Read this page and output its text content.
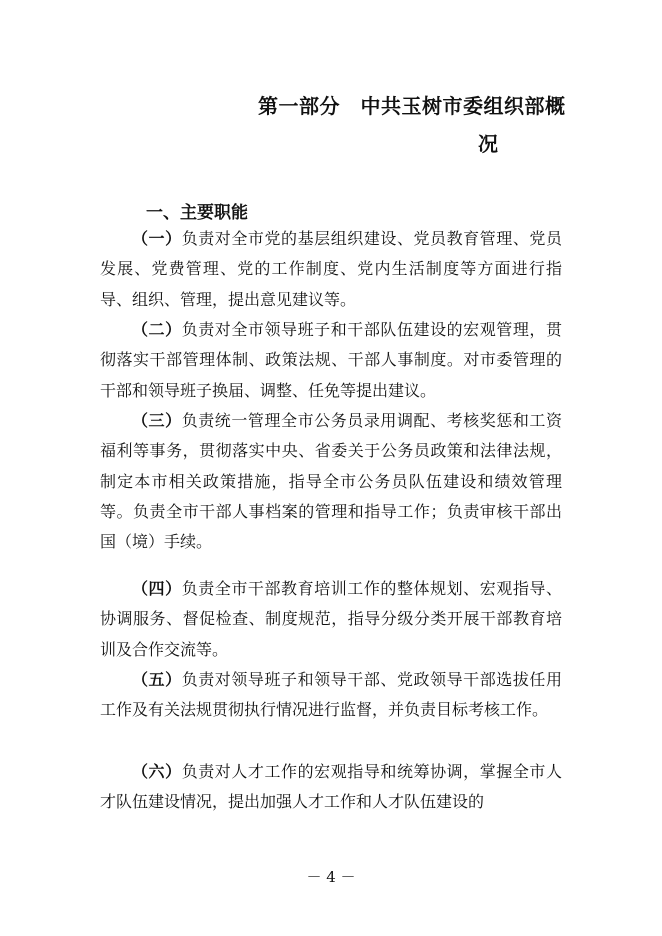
第一部分　中共玉树市委组织部概
况
一、主要职能

（一）负责对全市党的基层组织建设、党员教育管理、党员发展、党费管理、党的工作制度、党内生活制度等方面进行指导、组织、管理，提出意见建议等。

（二）负责对全市领导班子和干部队伍建设的宏观管理，贯彻落实干部管理体制、政策法规、干部人事制度。对市委管理的干部和领导班子换届、调整、任免等提出建议。

（三）负责统一管理全市公务员录用调配、考核奖惩和工资福利等事务，贯彻落实中央、省委关于公务员政策和法律法规，制定本市相关政策措施，指导全市公务员队伍建设和绩效管理等。负责全市干部人事档案的管理和指导工作；负责审核干部出国（境）手续。

（四）负责全市干部教育培训工作的整体规划、宏观指导、协调服务、督促检查、制度规范，指导分级分类开展干部教育培训及合作交流等。

（五）负责对领导班子和领导干部、党政领导干部选拔任用工作及有关法规贯彻执行情况进行监督，并负责目标考核工作。

（六）负责对人才工作的宏观指导和统筹协调，掌握全市人才队伍建设情况，提出加强人才工作和人才队伍建设的

－ 4 －
